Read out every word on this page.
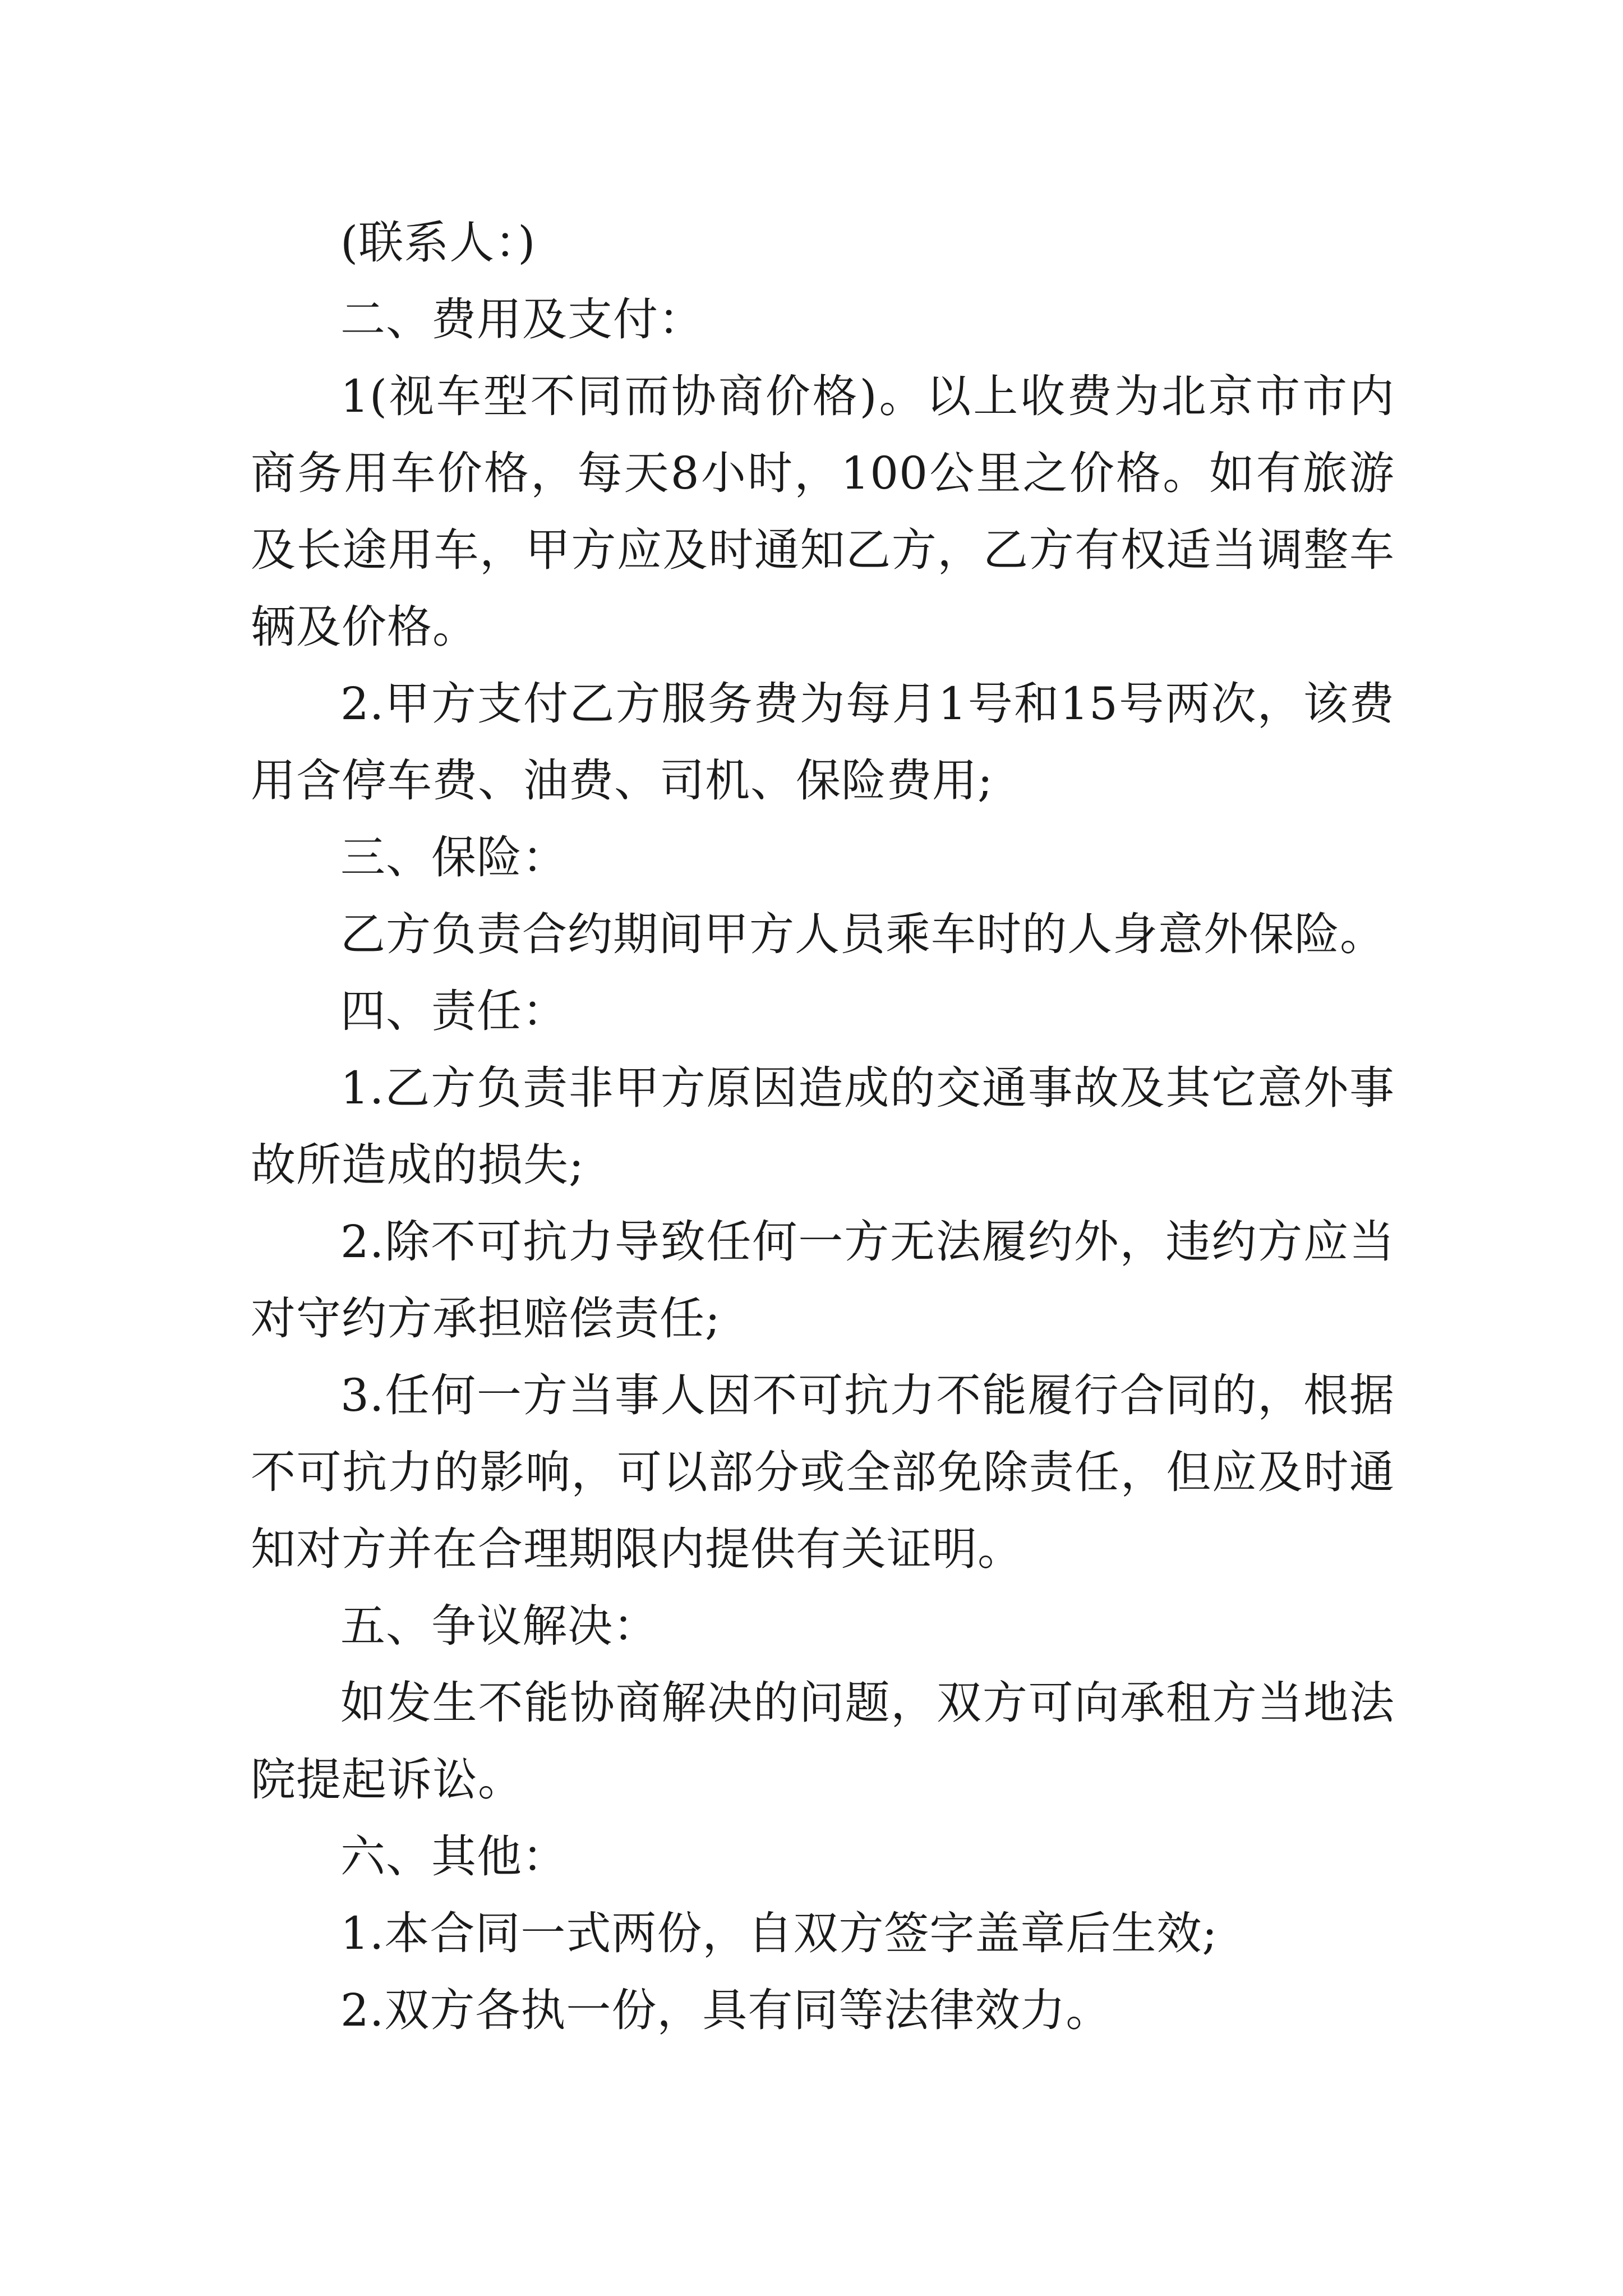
(联系人：)

二、费用及支付：

1(视车型不同而协商价格)。以上收费为北京市市内商务用车价格，每天8小时，100公里之价格。如有旅游及长途用车，甲方应及时通知乙方，乙方有权适当调整车辆及价格。

2.甲方支付乙方服务费为每月1号和15号两次，该费用含停车费、油费、司机、保险费用;

三、保险：

乙方负责合约期间甲方人员乘车时的人身意外保险。

四、责任：

1.乙方负责非甲方原因造成的交通事故及其它意外事故所造成的损失;

2.除不可抗力导致任何一方无法履约外，违约方应当对守约方承担赔偿责任;

3.任何一方当事人因不可抗力不能履行合同的，根据不可抗力的影响，可以部分或全部免除责任，但应及时通知对方并在合理期限内提供有关证明。

五、争议解决：

如发生不能协商解决的问题，双方可向承租方当地法院提起诉讼。

六、其他：

1.本合同一式两份，自双方签字盖章后生效;

2.双方各执一份，具有同等法律效力。
